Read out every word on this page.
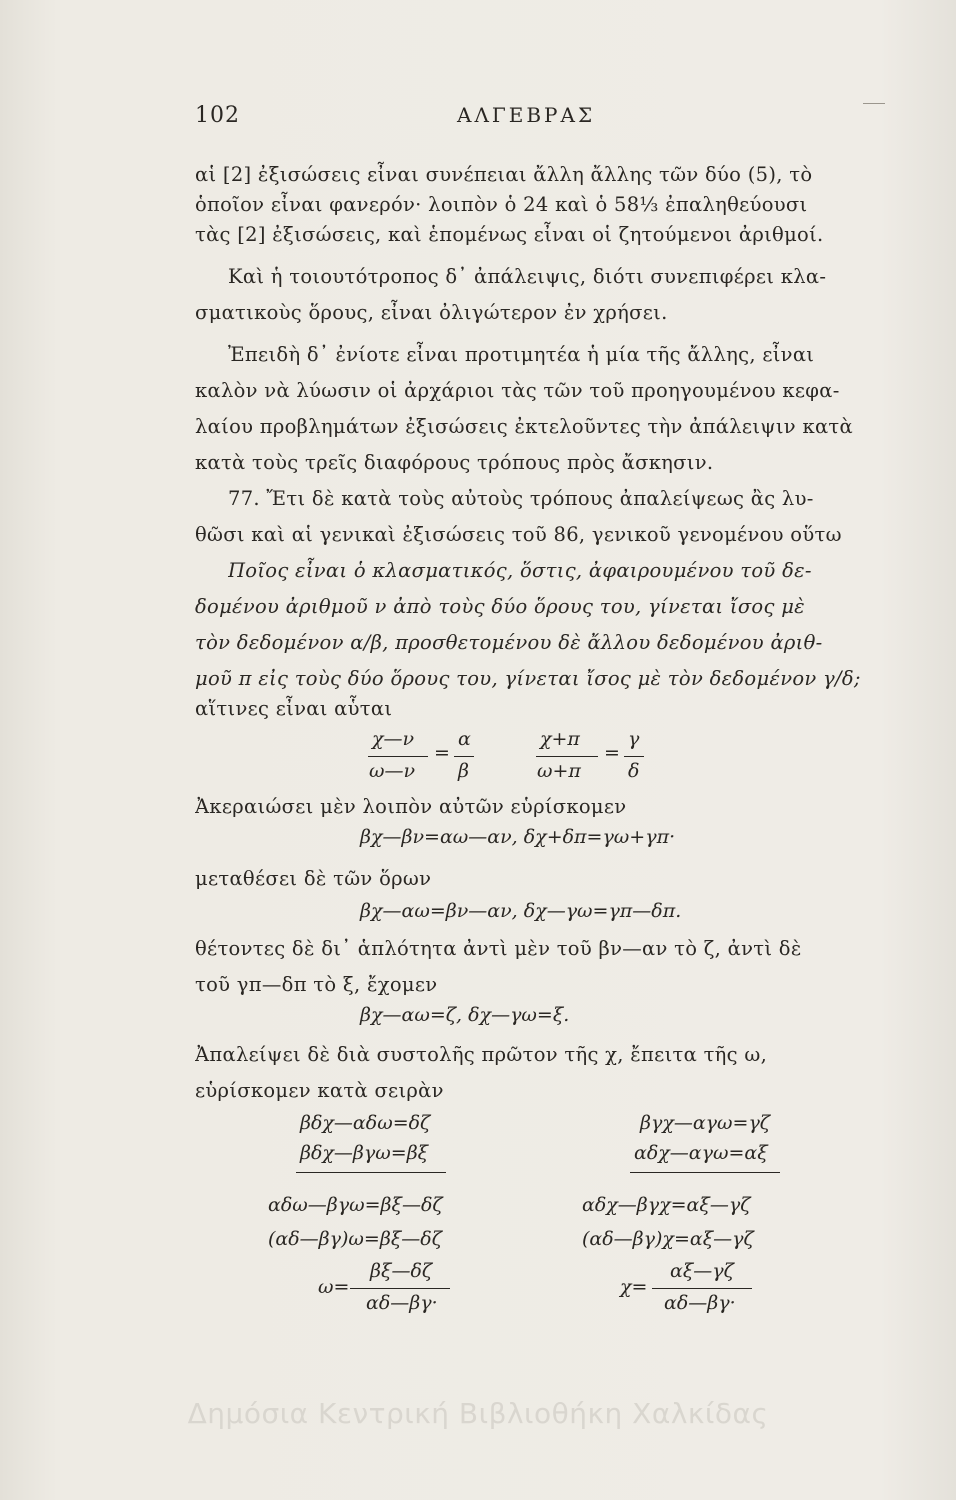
102	ΑΛΓΕΒΡΑΣ
αἱ [2] ἐξισώσεις εἶναι συνέπειαι ἄλλη ἄλλης τῶν δύο (5), τὸ
ὁποῖον εἶναι φανερόν· λοιπὸν ὁ 24 καὶ ὁ 58⅓ ἐπαληθεύουσι
τὰς [2] ἐξισώσεις, καὶ ἑπομένως εἶναι οἱ ζητούμενοι ἀριθμοί.
Καὶ ἡ τοιουτότροπος δ᾿ ἀπάλειψις, διότι συνεπιφέρει κλα-
σματικοὺς ὅρους, εἶναι ὀλιγώτερον ἐν χρήσει.
Ἐπειδὴ δ᾿ ἐνίοτε εἶναι προτιμητέα ἡ μία τῆς ἄλλης, εἶναι
καλὸν νὰ λύωσιν οἱ ἀρχάριοι τὰς τῶν τοῦ προηγουμένου κεφα-
λαίου προβλημάτων ἐξισώσεις ἐκτελοῦντες τὴν ἀπάλειψιν κατὰ
κατὰ τοὺς τρεῖς διαφόρους τρόπους πρὸς ἄσκησιν.
77. Ἔτι δὲ κατὰ τοὺς αὐτοὺς τρόπους ἀπαλείψεως ἂς λυ-
θῶσι καὶ αἱ γενικαὶ ἐξισώσεις τοῦ 86, γενικοῦ γενομένου οὕτω
Ποῖος εἶναι ὁ κλασματικός, ὅστις, ἀφαιρουμένου τοῦ δε-
δομένου ἀριθμοῦ ν ἀπὸ τοὺς δύο ὅρους του, γίνεται ἴσος μὲ
τὸν δεδομένον α/β, προσθετομένου δὲ ἄλλου δεδομένου ἀριθ-
μοῦ π εἰς τοὺς δύο ὅρους του, γίνεται ἴσος μὲ τὸν δεδομένον γ/δ;
αἵτινες εἶναι αὗται
χ—ν
ω—ν
=
α
β
χ+π
ω+π
=
γ
δ
Ἀκεραιώσει μὲν λοιπὸν αὐτῶν εὑρίσκομεν
βχ—βν=αω—αν, δχ+δπ=γω+γπ·
μεταθέσει δὲ τῶν ὅρων
βχ—αω=βν—αν, δχ—γω=γπ—δπ.
θέτοντες δὲ δι᾿ ἁπλότητα ἀντὶ μὲν τοῦ βν—αν τὸ ζ, ἀντὶ δὲ
τοῦ γπ—δπ τὸ ξ, ἔχομεν
βχ—αω=ζ, δχ—γω=ξ.
Ἀπαλείψει δὲ διὰ συστολῆς πρῶτον τῆς χ, ἔπειτα τῆς ω,
εὑρίσκομεν κατὰ σειρὰν
βδχ—αδω=δζ
βδχ—βγω=βξ
αδω—βγω=βξ—δζ
(αδ—βγ)ω=βξ—δζ
ω=
βξ—δζ
αδ—βγ·
βγχ—αγω=γζ
αδχ—αγω=αξ
αδχ—βγχ=αξ—γζ
(αδ—βγ)χ=αξ—γζ
χ=
αξ—γζ
αδ—βγ·
Δημόσια Κεντρική Βιβλιοθήκη Χαλκίδας
